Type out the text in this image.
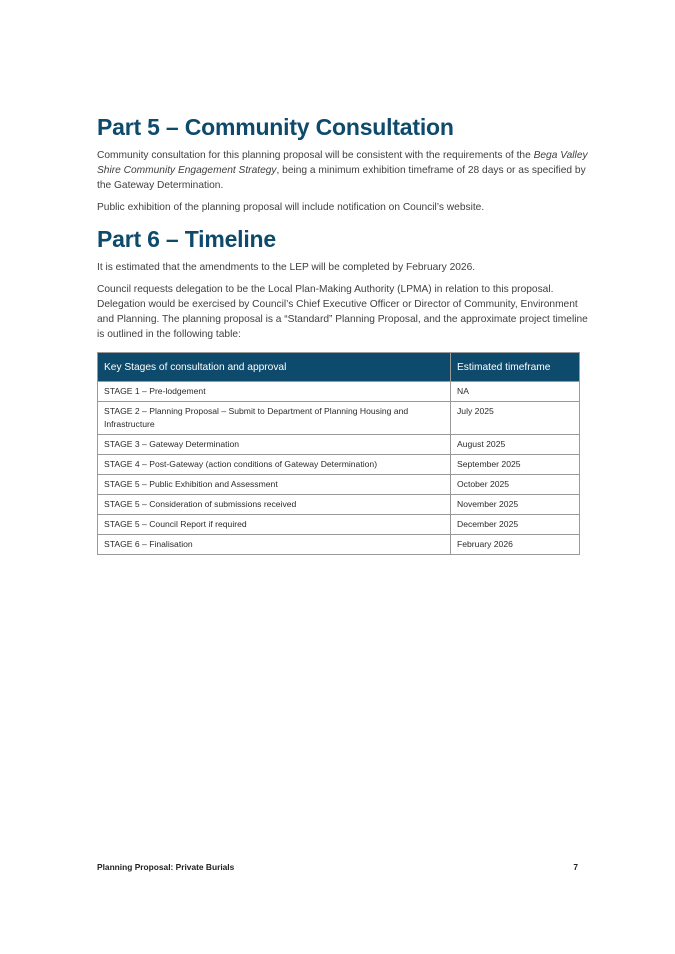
Part 5 – Community Consultation

Community consultation for this planning proposal will be consistent with the requirements of the Bega Valley Shire Community Engagement Strategy, being a minimum exhibition timeframe of 28 days or as specified by the Gateway Determination.

Public exhibition of the planning proposal will include notification on Council’s website.

Part 6 – Timeline

It is estimated that the amendments to the LEP will be completed by February 2026.

Council requests delegation to be the Local Plan-Making Authority (LPMA) in relation to this proposal. Delegation would be exercised by Council’s Chief Executive Officer or Director of Community, Environment and Planning. The planning proposal is a “Standard” Planning Proposal, and the approximate project timeline is outlined in the following table:

Key Stages of consultation and approval	Estimated timeframe
STAGE 1 – Pre-lodgement	NA
STAGE 2 – Planning Proposal – Submit to Department of Planning Housing and Infrastructure	July 2025
STAGE 3 – Gateway Determination	August 2025
STAGE 4 – Post-Gateway (action conditions of Gateway Determination)	September 2025
STAGE 5 – Public Exhibition and Assessment	October 2025
STAGE 5 – Consideration of submissions received	November 2025
STAGE 5 – Council Report if required	December 2025
STAGE 6 – Finalisation	February 2026
Planning Proposal: Private Burials	7
